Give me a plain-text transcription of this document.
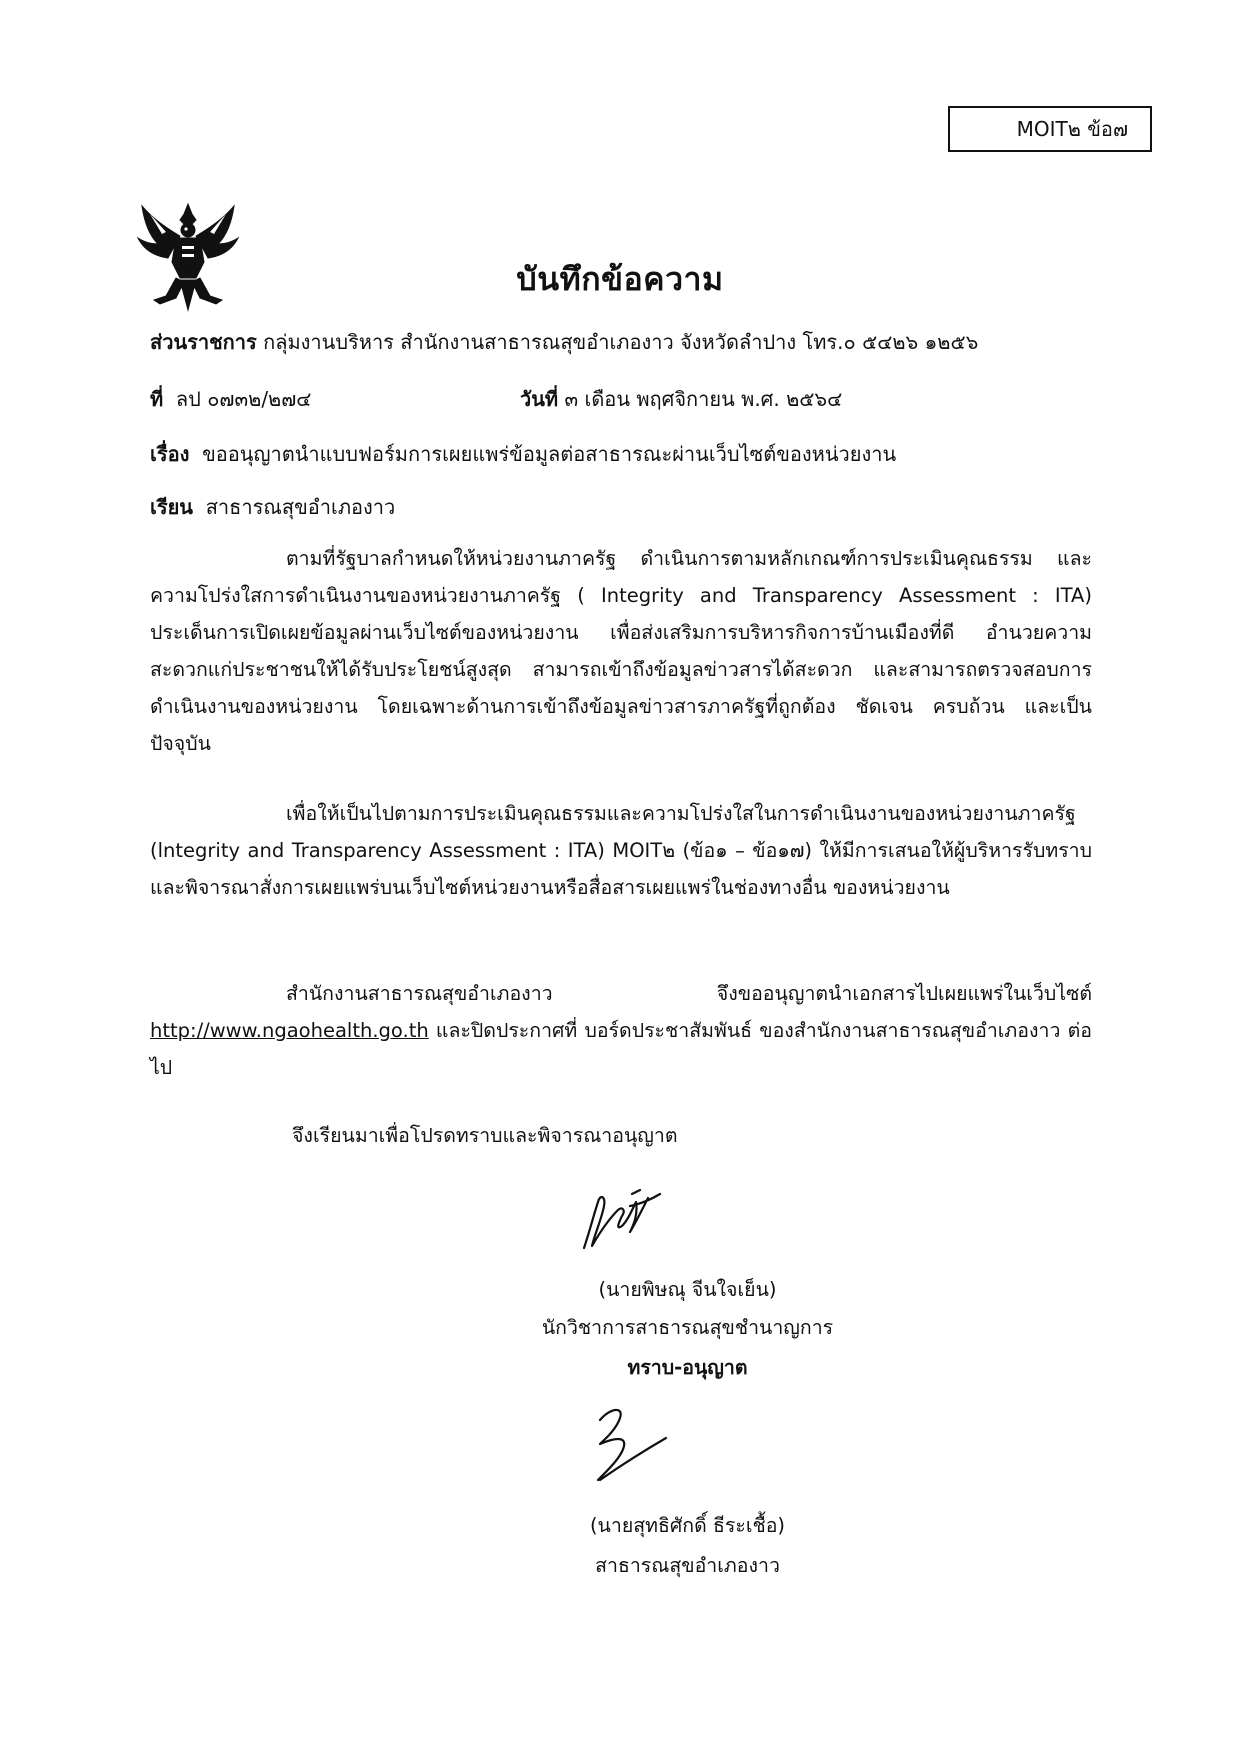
MOIT๒ ข้อ๗
บันทึกข้อความ
ส่วนราชการ กลุ่มงานบริหาร สำนักงานสาธารณสุขอำเภองาว จังหวัดลำปาง โทร.๐ ๕๔๒๖ ๑๒๕๖
ที่ ลป ๐๗๓๒/๒๗๔	วันที่ ๓ เดือน พฤศจิกายน พ.ศ. ๒๕๖๔
เรื่อง ขออนุญาตนำแบบฟอร์มการเผยแพร่ข้อมูลต่อสาธารณะผ่านเว็บไซต์ของหน่วยงาน
เรียน สาธารณสุขอำเภองาว
ตามที่รัฐบาลกำหนดให้หน่วยงานภาครัฐ ดำเนินการตามหลักเกณฑ์การประเมินคุณธรรม และความโปร่งใสการดำเนินงานของหน่วยงานภาครัฐ ( Integrity and Transparency Assessment : ITA) ประเด็นการเปิดเผยข้อมูลผ่านเว็บไซต์ของหน่วยงาน เพื่อส่งเสริมการบริหารกิจการบ้านเมืองที่ดี อำนวยความสะดวกแก่ประชาชนให้ได้รับประโยชน์สูงสุด สามารถเข้าถึงข้อมูลข่าวสารได้สะดวก และสามารถตรวจสอบการดำเนินงานของหน่วยงาน โดยเฉพาะด้านการเข้าถึงข้อมูลข่าวสารภาครัฐที่ถูกต้อง ชัดเจน ครบถ้วน และเป็นปัจจุบัน
เพื่อให้เป็นไปตามการประเมินคุณธรรมและความโปร่งใสในการดำเนินงานของหน่วยงานภาครัฐ (lntegrity and Transparency Assessment : ITA) MOIT๒ (ข้อ๑ – ข้อ๑๗) ให้มีการเสนอให้ผู้บริหารรับทราบและพิจารณาสั่งการเผยแพร่บนเว็บไซต์หน่วยงานหรือสื่อสารเผยแพร่ในช่องทางอื่น ของหน่วยงาน
สำนักงานสาธารณสุขอำเภองาว จึงขออนุญาตนำเอกสารไปเผยแพร่ในเว็บไซต์ http://www.ngaohealth.go.th และปิดประกาศที่ บอร์ดประชาสัมพันธ์ ของสำนักงานสาธารณสุขอำเภองาว ต่อไป
จึงเรียนมาเพื่อโปรดทราบและพิจารณาอนุญาต
(นายพิษณุ จีนใจเย็น)
นักวิชาการสาธารณสุขชำนาญการ
ทราบ-อนุญาต
(นายสุทธิศักดิ์ ธีระเชื้อ)
สาธารณสุขอำเภองาว
